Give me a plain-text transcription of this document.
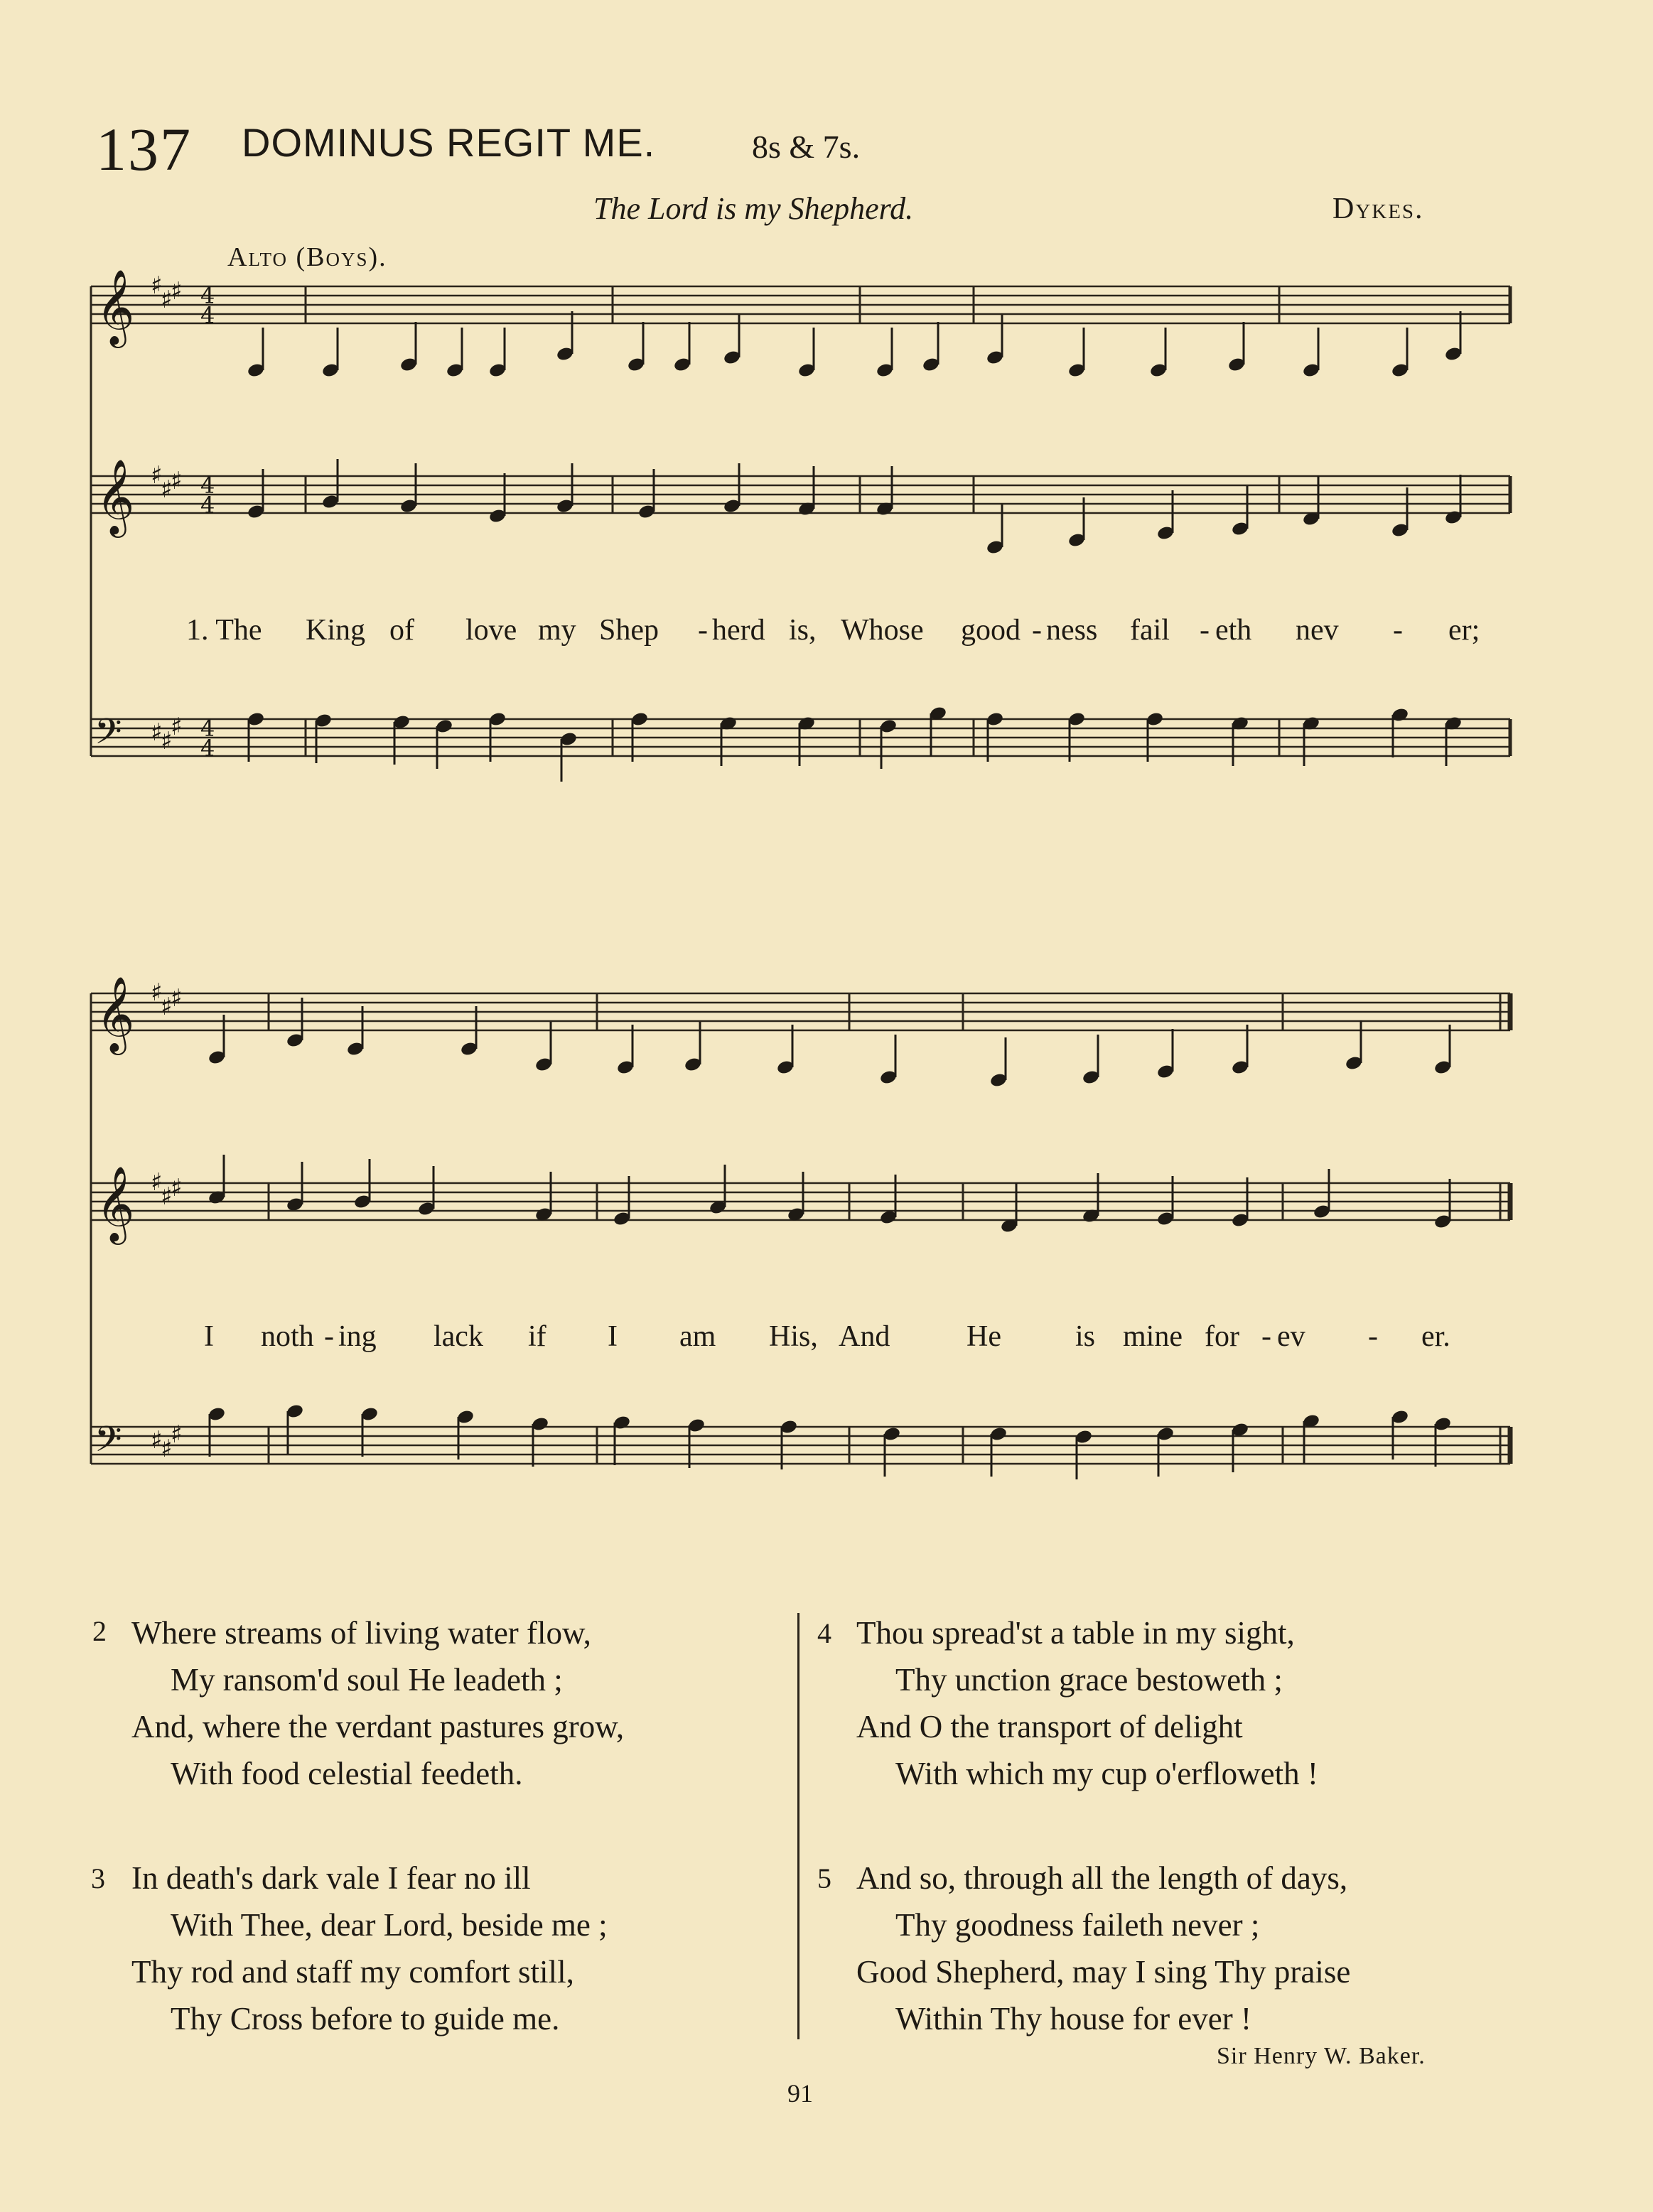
137 DOMINUS REGIT ME.	8s & 7s.
The Lord is my Shepherd.	Dykes.
Alto (Boys).
𝄞
𝄞
𝄞
𝄞
𝄢
𝄢
♯
♯
♯
♯
♯
♯
♯
♯
♯
♯
♯
♯
♯
♯
♯
♯
♯
♯
4
4
4
4
4
4
1. The King of love my Shep - herd is, Whose good - ness fail - eth nev - er;
I noth - ing lack if I am His, And	He is mine for - ev - er.
2 Where streams of living water flow,
My ransom'd soul He leadeth ;
And, where the verdant pastures grow,
With food celestial feedeth.
3 In death's dark vale I fear no ill
With Thee, dear Lord, beside me ;
Thy rod and staff my comfort still,
Thy Cross before to guide me.
4 Thou spread'st a table in my sight,
Thy unction grace bestoweth ;
And O the transport of delight
With which my cup o'erfloweth !
5 And so, through all the length of days,
Thy goodness faileth never ;
Good Shepherd, may I sing Thy praise
Within Thy house for ever !
Sir Henry W. Baker.
91
